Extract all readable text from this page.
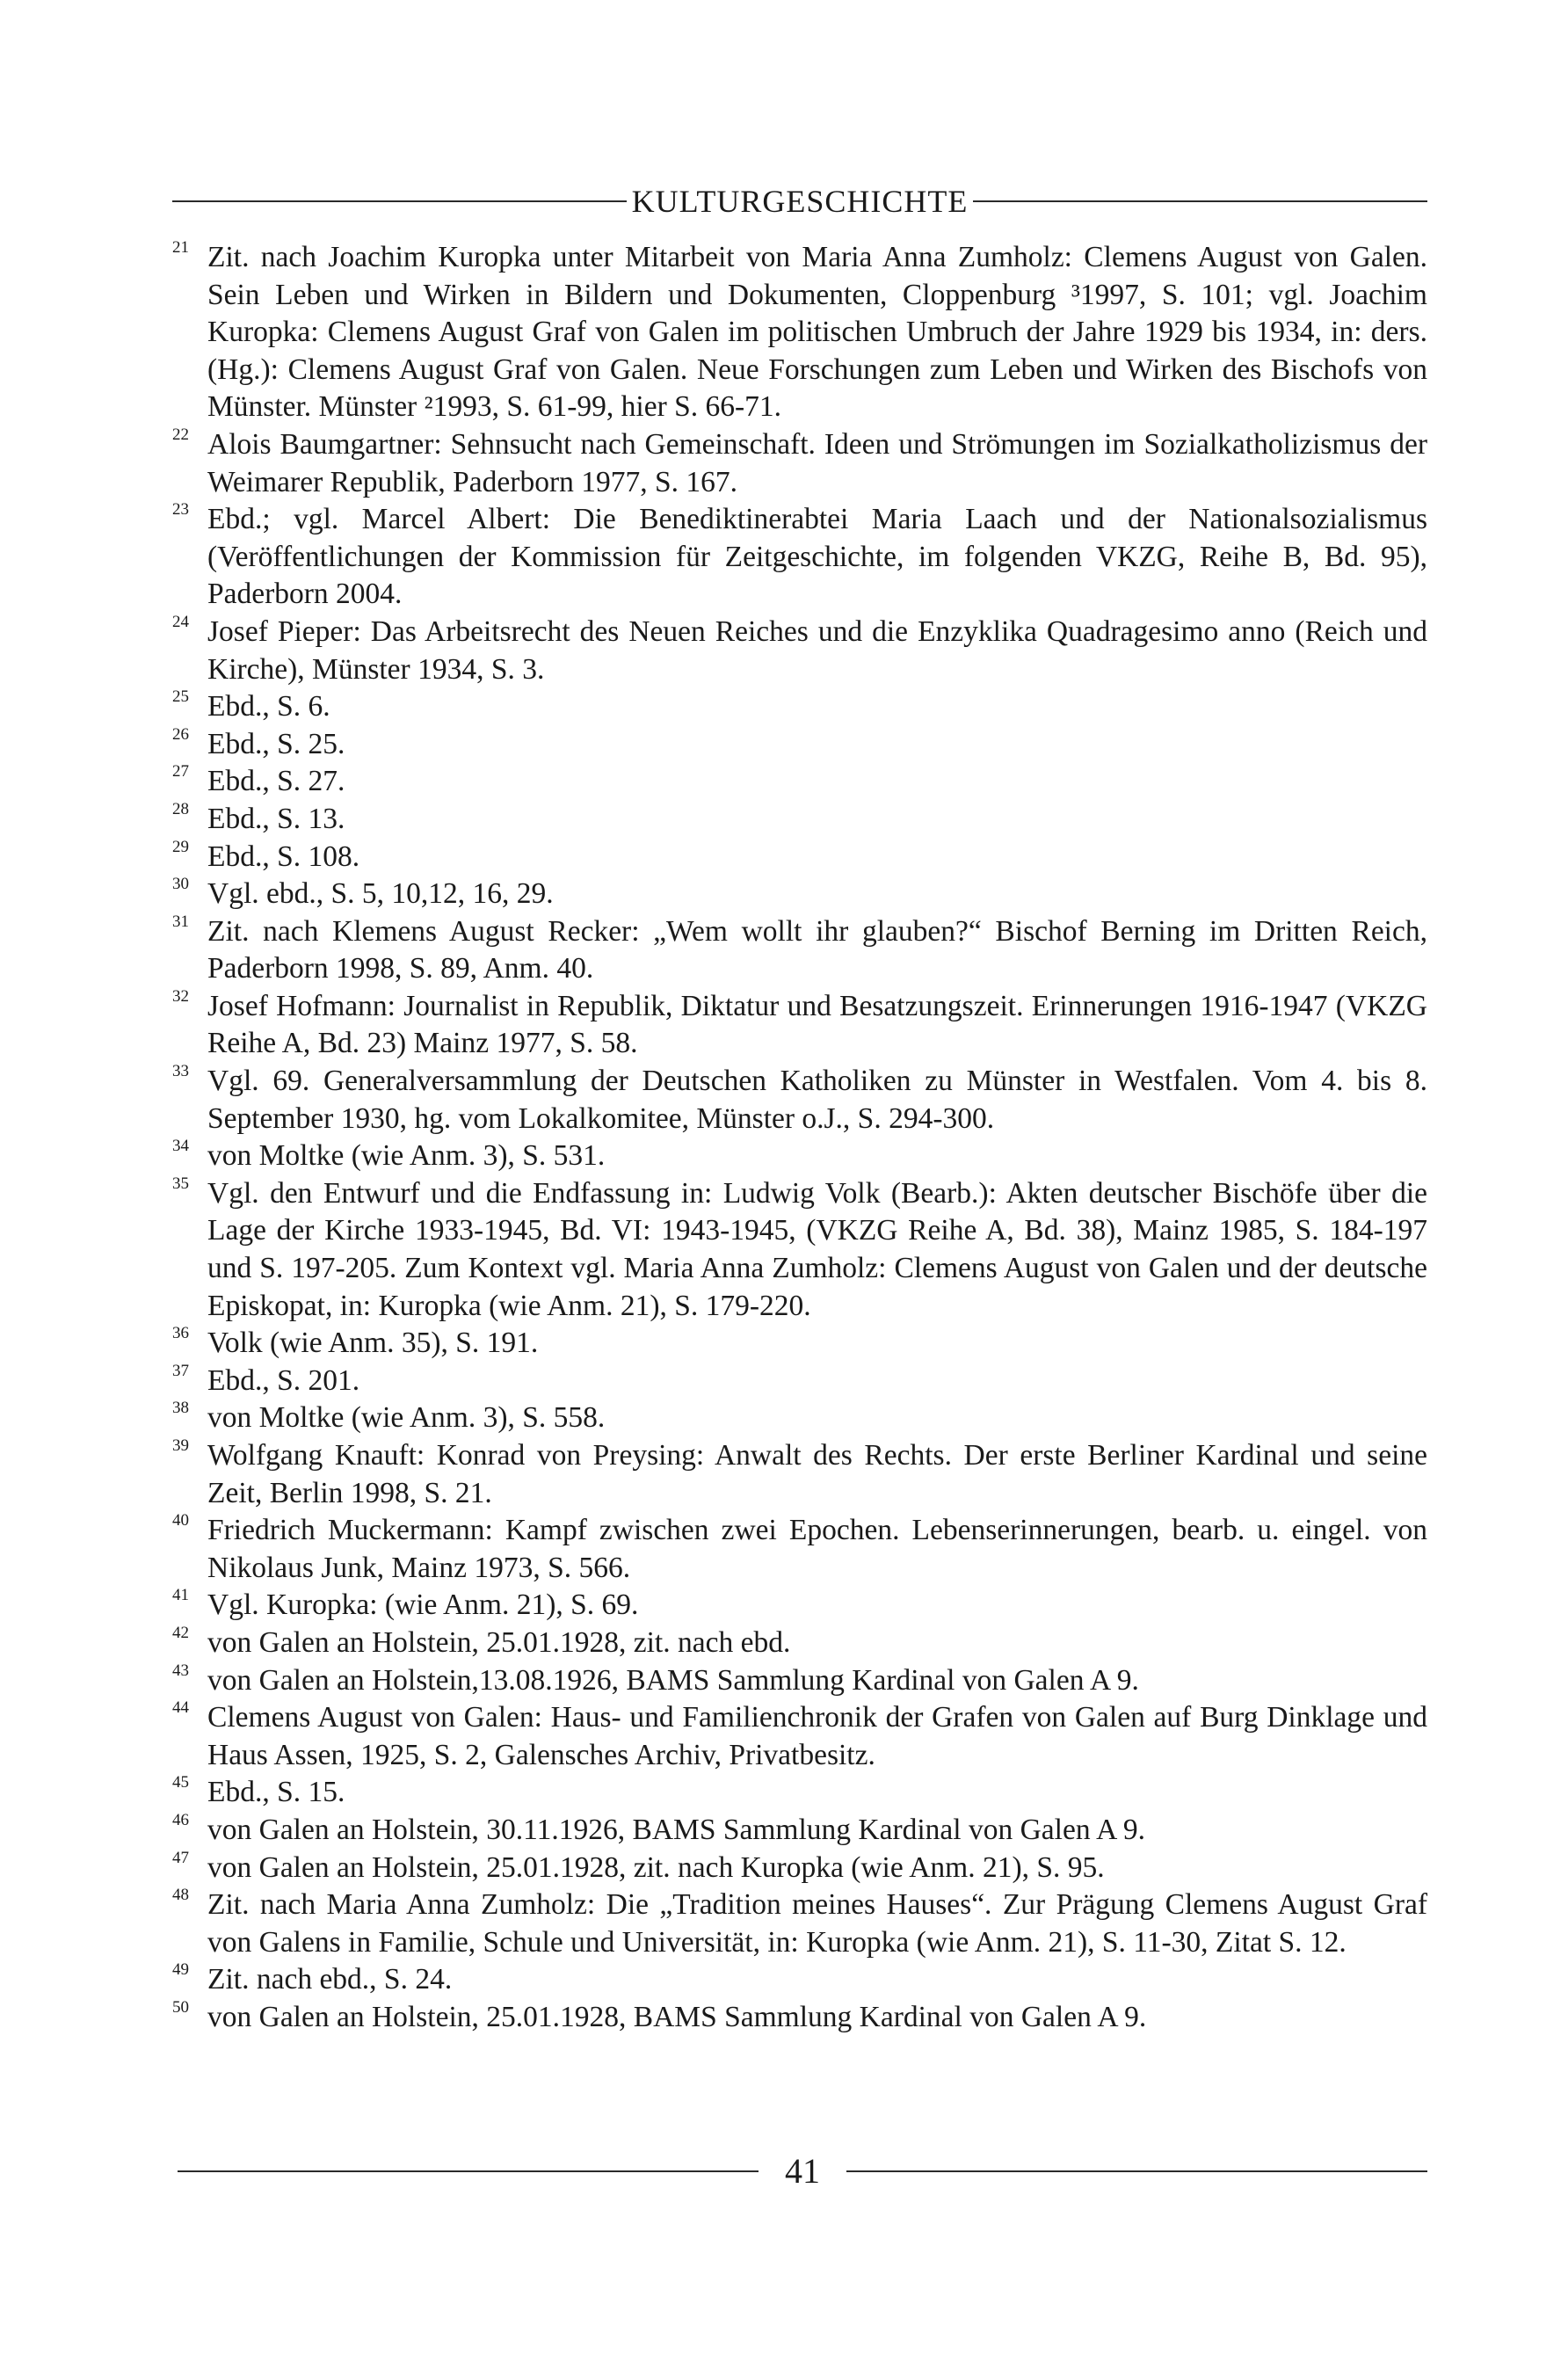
KULTURGESCHICHTE
21 Zit. nach Joachim Kuropka unter Mitarbeit von Maria Anna Zumholz: Clemens August von Galen. Sein Leben und Wirken in Bildern und Dokumenten, Cloppenburg ³1997, S. 101; vgl. Joachim Kuropka: Clemens August Graf von Galen im politischen Umbruch der Jahre 1929 bis 1934, in: ders. (Hg.): Clemens August Graf von Galen. Neue Forschungen zum Leben und Wirken des Bischofs von Münster. Münster ²1993, S. 61-99, hier S. 66-71.
22 Alois Baumgartner: Sehnsucht nach Gemeinschaft. Ideen und Strömungen im Sozialkatholizismus der Weimarer Republik, Paderborn 1977, S. 167.
23 Ebd.; vgl. Marcel Albert: Die Benediktinerabtei Maria Laach und der Nationalsozialismus (Veröffentlichungen der Kommission für Zeitgeschichte, im folgenden VKZG, Reihe B, Bd. 95), Paderborn 2004.
24 Josef Pieper: Das Arbeitsrecht des Neuen Reiches und die Enzyklika Quadragesimo anno (Reich und Kirche), Münster 1934, S. 3.
25 Ebd., S. 6.
26 Ebd., S. 25.
27 Ebd., S. 27.
28 Ebd., S. 13.
29 Ebd., S. 108.
30 Vgl. ebd., S. 5, 10,12, 16, 29.
31 Zit. nach Klemens August Recker: „Wem wollt ihr glauben?“ Bischof Berning im Dritten Reich, Paderborn 1998, S. 89, Anm. 40.
32 Josef Hofmann: Journalist in Republik, Diktatur und Besatzungszeit. Erinnerungen 1916-1947 (VKZG Reihe A, Bd. 23) Mainz 1977, S. 58.
33 Vgl. 69. Generalversammlung der Deutschen Katholiken zu Münster in Westfalen. Vom 4. bis 8. September 1930, hg. vom Lokalkomitee, Münster o.J., S. 294-300.
34 von Moltke (wie Anm. 3), S. 531.
35 Vgl. den Entwurf und die Endfassung in: Ludwig Volk (Bearb.): Akten deutscher Bischöfe über die Lage der Kirche 1933-1945, Bd. VI: 1943-1945, (VKZG Reihe A, Bd. 38), Mainz 1985, S. 184-197 und S. 197-205. Zum Kontext vgl. Maria Anna Zumholz: Clemens August von Galen und der deutsche Episkopat, in: Kuropka (wie Anm. 21), S. 179-220.
36 Volk (wie Anm. 35), S. 191.
37 Ebd., S. 201.
38 von Moltke (wie Anm. 3), S. 558.
39 Wolfgang Knauft: Konrad von Preysing: Anwalt des Rechts. Der erste Berliner Kardinal und seine Zeit, Berlin 1998, S. 21.
40 Friedrich Muckermann: Kampf zwischen zwei Epochen. Lebenserinnerungen, bearb. u. eingel. von Nikolaus Junk, Mainz 1973, S. 566.
41 Vgl. Kuropka: (wie Anm. 21), S. 69.
42 von Galen an Holstein, 25.01.1928, zit. nach ebd.
43 von Galen an Holstein,13.08.1926, BAMS Sammlung Kardinal von Galen A 9.
44 Clemens August von Galen: Haus- und Familienchronik der Grafen von Galen auf Burg Dinklage und Haus Assen, 1925, S. 2, Galensches Archiv, Privatbesitz.
45 Ebd., S. 15.
46 von Galen an Holstein, 30.11.1926, BAMS Sammlung Kardinal von Galen A 9.
47 von Galen an Holstein, 25.01.1928, zit. nach Kuropka (wie Anm. 21), S. 95.
48 Zit. nach Maria Anna Zumholz: Die „Tradition meines Hauses“. Zur Prägung Clemens August Graf von Galens in Familie, Schule und Universität, in: Kuropka (wie Anm. 21), S. 11-30, Zitat S. 12.
49 Zit. nach ebd., S. 24.
50 von Galen an Holstein, 25.01.1928, BAMS Sammlung Kardinal von Galen A 9.
41
